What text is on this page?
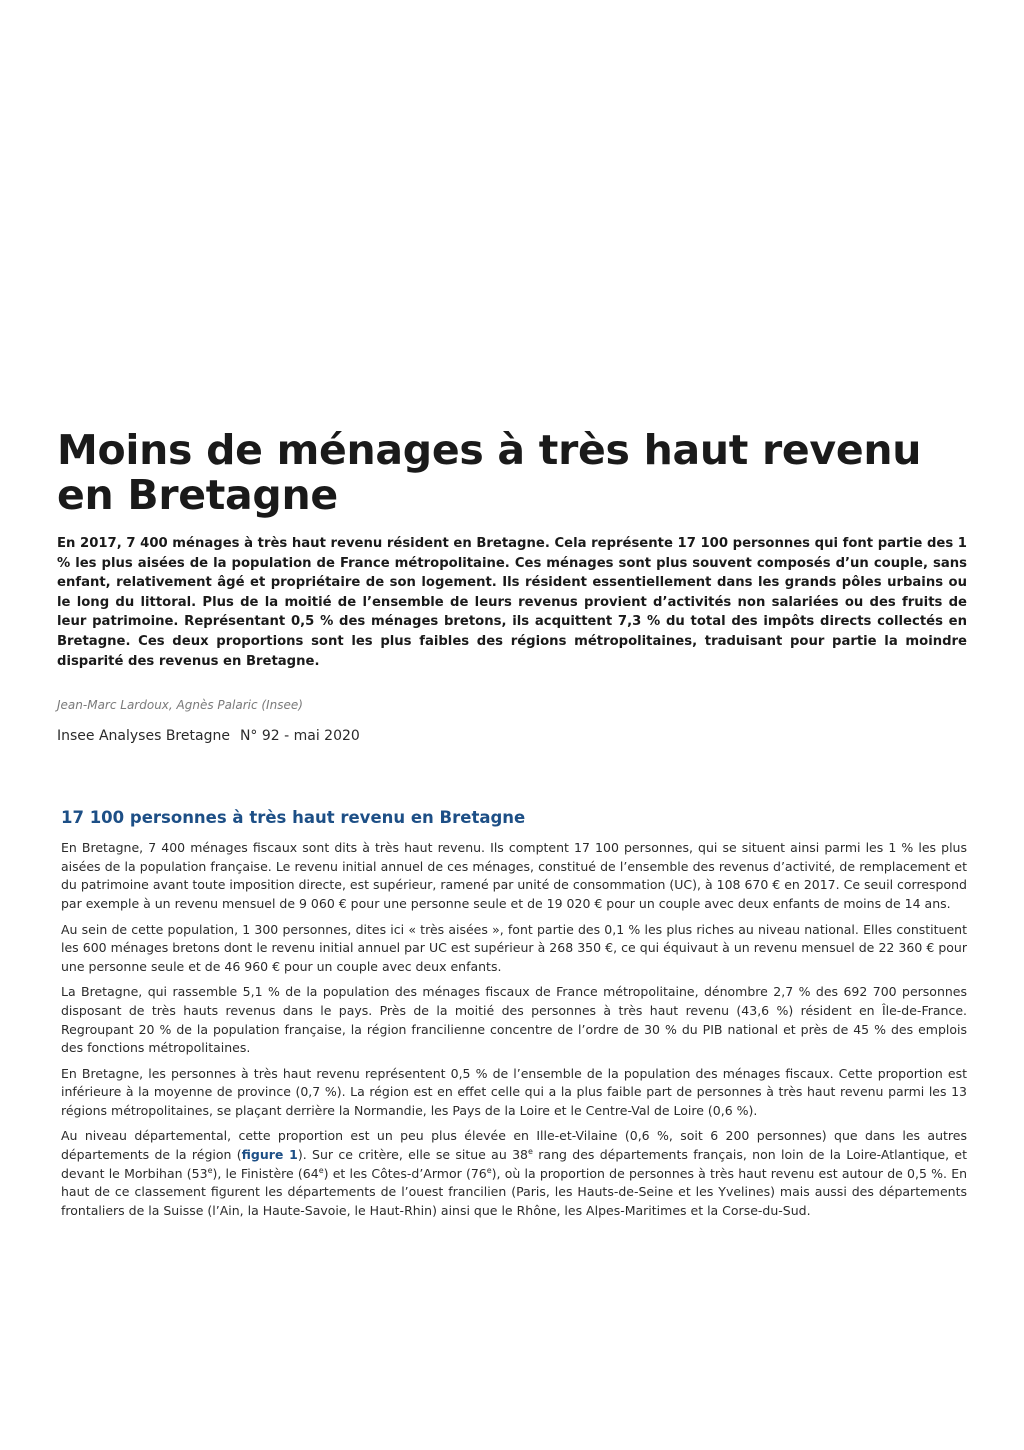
Moins de ménages à très haut revenu en Bretagne

En 2017, 7 400 ménages à très haut revenu résident en Bretagne. Cela représente 17 100 personnes qui font partie des 1 % les plus aisées de la population de France métropolitaine. Ces ménages sont plus souvent composés d’un couple, sans enfant, relativement âgé et propriétaire de son logement. Ils résident essentiellement dans les grands pôles urbains ou le long du littoral. Plus de la moitié de l’ensemble de leurs revenus provient d’activités non salariées ou des fruits de leur patrimoine. Représentant 0,5 % des ménages bretons, ils acquittent 7,3 % du total des impôts directs collectés en Bretagne. Ces deux proportions sont les plus faibles des régions métropolitaines, traduisant pour partie la moindre disparité des revenus en Bretagne.

Jean-Marc Lardoux, Agnès Palaric (Insee)

Insee Analyses Bretagne N° 92 - mai 2020

17 100 personnes à très haut revenu en Bretagne

En Bretagne, 7 400 ménages fiscaux sont dits à très haut revenu. Ils comptent 17 100 personnes, qui se situent ainsi parmi les 1 % les plus aisées de la population française. Le revenu initial annuel de ces ménages, constitué de l’ensemble des revenus d’activité, de remplacement et du patrimoine avant toute imposition directe, est supérieur, ramené par unité de consommation (UC), à 108 670 € en 2017. Ce seuil correspond par exemple à un revenu mensuel de 9 060 € pour une personne seule et de 19 020 € pour un couple avec deux enfants de moins de 14 ans.

Au sein de cette population, 1 300 personnes, dites ici « très aisées », font partie des 0,1 % les plus riches au niveau national. Elles constituent les 600 ménages bretons dont le revenu initial annuel par UC est supérieur à 268 350 €, ce qui équivaut à un revenu mensuel de 22 360 € pour une personne seule et de 46 960 € pour un couple avec deux enfants.

La Bretagne, qui rassemble 5,1 % de la population des ménages fiscaux de France métropolitaine, dénombre 2,7 % des 692 700 personnes disposant de très hauts revenus dans le pays. Près de la moitié des personnes à très haut revenu (43,6 %) résident en Île-de-France. Regroupant 20 % de la population française, la région francilienne concentre de l’ordre de 30 % du PIB national et près de 45 % des emplois des fonctions métropolitaines.

En Bretagne, les personnes à très haut revenu représentent 0,5 % de l’ensemble de la population des ménages fiscaux. Cette proportion est inférieure à la moyenne de province (0,7 %). La région est en effet celle qui a la plus faible part de personnes à très haut revenu parmi les 13 régions métropolitaines, se plaçant derrière la Normandie, les Pays de la Loire et le Centre-Val de Loire (0,6 %).

Au niveau départemental, cette proportion est un peu plus élevée en Ille-et-Vilaine (0,6 %, soit 6 200 personnes) que dans les autres départements de la région (figure 1). Sur ce critère, elle se situe au 38e rang des départements français, non loin de la Loire-Atlantique, et devant le Morbihan (53e), le Finistère (64e) et les Côtes-d’Armor (76e), où la proportion de personnes à très haut revenu est autour de 0,5 %. En haut de ce classement figurent les départements de l’ouest francilien (Paris, les Hauts-de-Seine et les Yvelines) mais aussi des départements frontaliers de la Suisse (l’Ain, la Haute-Savoie, le Haut-Rhin) ainsi que le Rhône, les Alpes-Maritimes et la Corse-du-Sud.
